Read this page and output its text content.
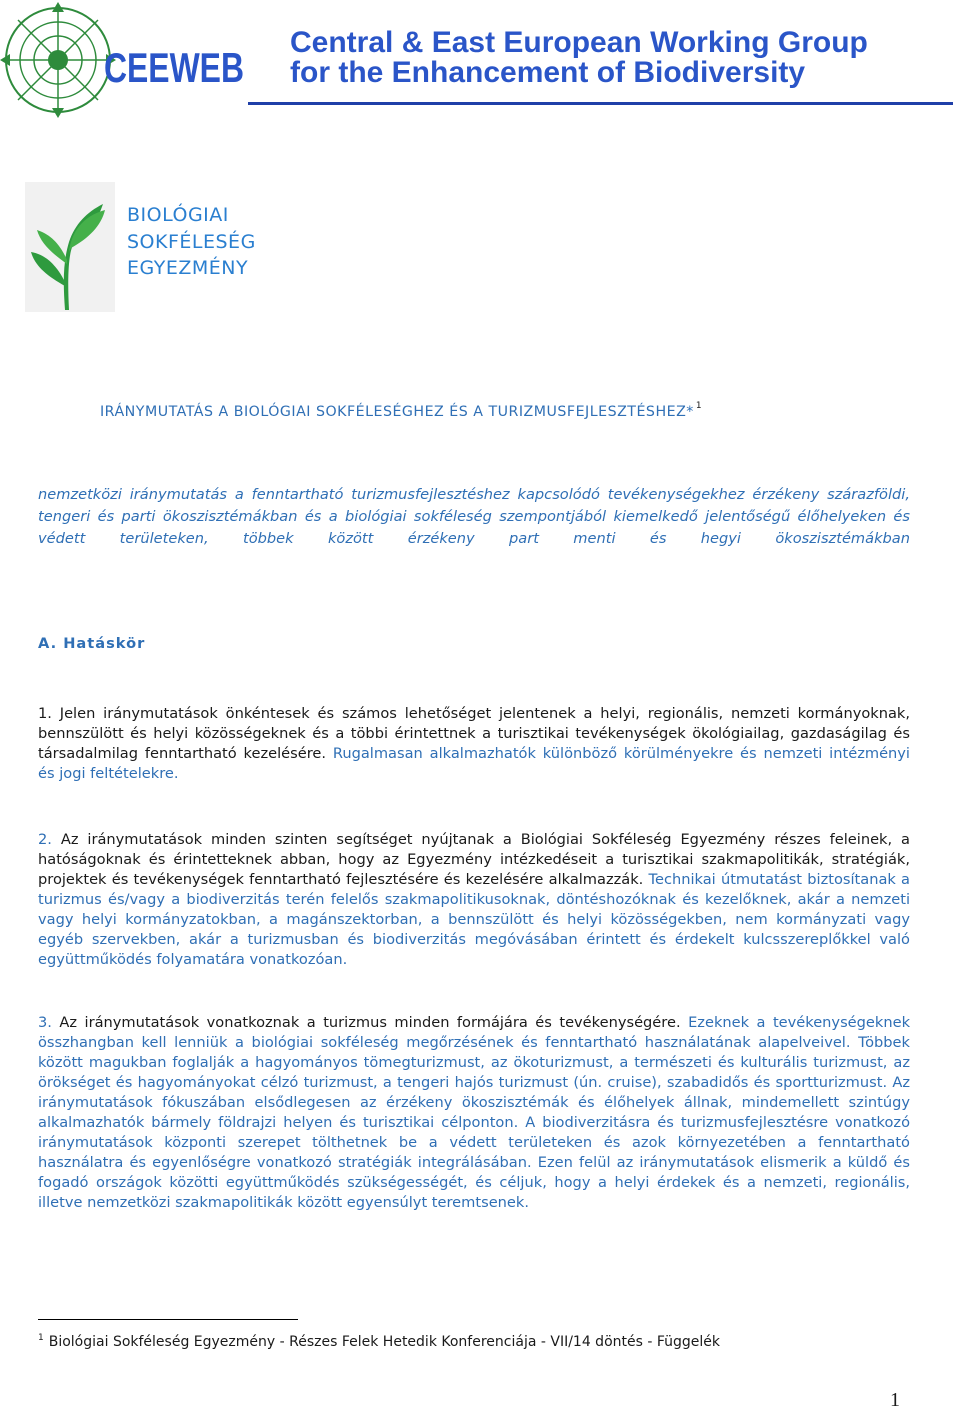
CEEWEB
Central & East European Working Group
for the Enhancement of Biodiversity
BIOLÓGIAI
SOKFÉLESÉG
EGYEZMÉNY
IRÁNYMUTATÁS A BIOLÓGIAI SOKFÉLESÉGHEZ ÉS A TURIZMUSFEJLESZTÉSHEZ* $^1$
nemzetközi iránymutatás a fenntartható turizmusfejlesztéshez kapcsolódó tevékenységekhez érzékeny szárazföldi, tengeri és parti ökoszisztémákban és a biológiai sokféleség szempontjából kiemelkedő jelentőségű élőhelyeken és védett területeken, többek között érzékeny part menti és hegyi ökoszisztémákban
A. Hatáskör
1. Jelen iránymutatások önkéntesek és számos lehetőséget jelentenek a helyi, regionális, nemzeti kormányoknak, bennszülött és helyi közösségeknek és a többi érintettnek a turisztikai tevékenységek ökológiailag, gazdaságilag és társadalmilag fenntartható kezelésére. Rugalmasan alkalmazhatók különböző körülményekre és nemzeti intézményi és jogi feltételekre.
2. Az iránymutatások minden szinten segítséget nyújtanak a Biológiai Sokféleség Egyezmény részes feleinek, a hatóságoknak és érintetteknek abban, hogy az Egyezmény intézkedéseit a turisztikai szakmapolitikák, stratégiák, projektek és tevékenységek fenntartható fejlesztésére és kezelésére alkalmazzák. Technikai útmutatást biztosítanak a turizmus és/vagy a biodiverzitás terén felelős szakmapolitikusoknak, döntéshozóknak és kezelőknek, akár a nemzeti vagy helyi kormányzatokban, a magánszektorban, a bennszülött és helyi közösségekben, nem kormányzati vagy egyéb szervekben, akár a turizmusban és biodiverzitás megóvásában érintett és érdekelt kulcsszereplőkkel való együttműködés folyamatára vonatkozóan.
3. Az iránymutatások vonatkoznak a turizmus minden formájára és tevékenységére. Ezeknek a tevékenységeknek összhangban kell lenniük a biológiai sokféleség megőrzésének és fenntartható használatának alapelveivel. Többek között magukban foglalják a hagyományos tömegturizmust, az ökoturizmust, a természeti és kulturális turizmust, az örökséget és hagyományokat célzó turizmust, a tengeri hajós turizmust (ún. cruise), szabadidős és sportturizmust. Az iránymutatások fókuszában elsődlegesen az érzékeny ökoszisztémák és élőhelyek állnak, mindemellett szintúgy alkalmazhatók bármely földrajzi helyen és turisztikai célponton. A biodiverzitásra és turizmusfejlesztésre vonatkozó iránymutatások központi szerepet tölthetnek be a védett területeken és azok környezetében a fenntartható használatra és egyenlőségre vonatkozó stratégiák integrálásában. Ezen felül az iránymutatások elismerik a küldő és fogadó országok közötti együttműködés szükségességét, és céljuk, hogy a helyi érdekek és a nemzeti, regionális, illetve nemzetközi szakmapolitikák között egyensúlyt teremtsenek.
$^1$ Biológiai Sokféleség Egyezmény - Részes Felek Hetedik Konferenciája - VII/14 döntés - Függelék
1
